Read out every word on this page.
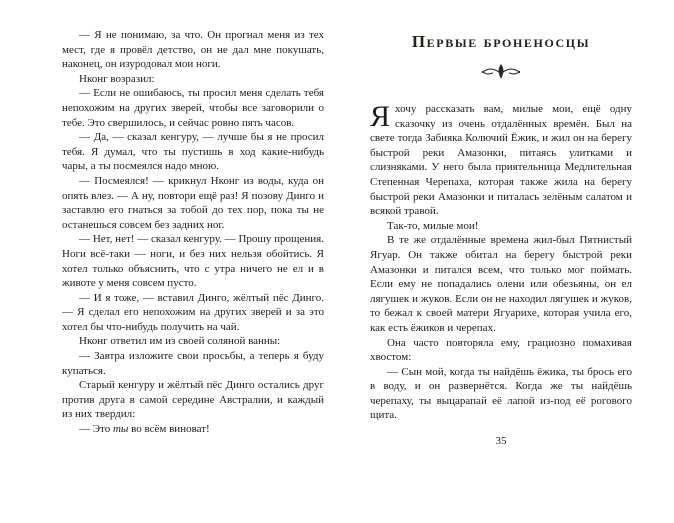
— Я не понимаю, за что. Он прогнал меня из тех мест, где я провёл детство, он не дал мне покушать, наконец, он изуродовал мои ноги.

Нконг возразил:

— Если не ошибаюсь, ты просил меня сделать тебя непохожим на других зверей, чтобы все заговорили о тебе. Это свершилось, и сейчас ровно пять часов.

— Да, — сказал кенгуру, — лучше бы я не просил тебя. Я думал, что ты пустишь в ход какие-нибудь чары, а ты посмеялся надо мною.

— Посмеялся! — крикнул Нконг из воды, куда он опять влез. — А ну, повтори ещё раз! Я позову Динго и заставлю его гнаться за тобой до тех пор, пока ты не останешься совсем без задних ног.

— Нет, нет! — сказал кенгуру. — Прошу прощения. Ноги всё-таки — ноги, и без них нельзя обойтись. Я хотел только объяснить, что с утра ничего не ел и в животе у меня совсем пусто.

— И я тоже, — вставил Динго, жёлтый пёс Динго. — Я сделал его непохожим на других зверей и за это хотел бы что-нибудь получить на чай.

Нконг ответил им из своей соляной ванны:

— Завтра изложите свои просьбы, а теперь я буду купаться.

Старый кенгуру и жёлтый пёс Динго остались друг против друга в самой середине Австралии, и каждый из них твердил:

— Это ты во всём виноват!

Первые броненосцы

Яхочу рассказать вам, милые мои, ещё одну сказочку из очень отдалённых времён. Был на свете тогда Забияка Колючий Ёжик, и жил он на берегу быстрой реки Амазонки, питаясь улитками и слизняками. У него была приятельница Медлительная Степенная Черепаха, которая также жила на берегу быстрой реки Амазонки и питалась зелёным салатом и всякой травой.

Так-то, милые мои!

В те же отдалённые времена жил-был Пятнистый Ягуар. Он также обитал на берегу быстрой реки Амазонки и питался всем, что только мог поймать. Если ему не попадались олени или обезьяны, он ел лягушек и жуков. Если он не находил лягушек и жуков, то бежал к своей матери Ягуарихе, которая учила его, как есть ёжиков и черепах.

Она часто повторяла ему, грациозно помахивая хвостом:

— Сын мой, когда ты найдёшь ёжика, ты брось его в воду, и он развернётся. Когда же ты найдёшь черепаху, ты выцарапай её лапой из-под её рогового щита.

35
